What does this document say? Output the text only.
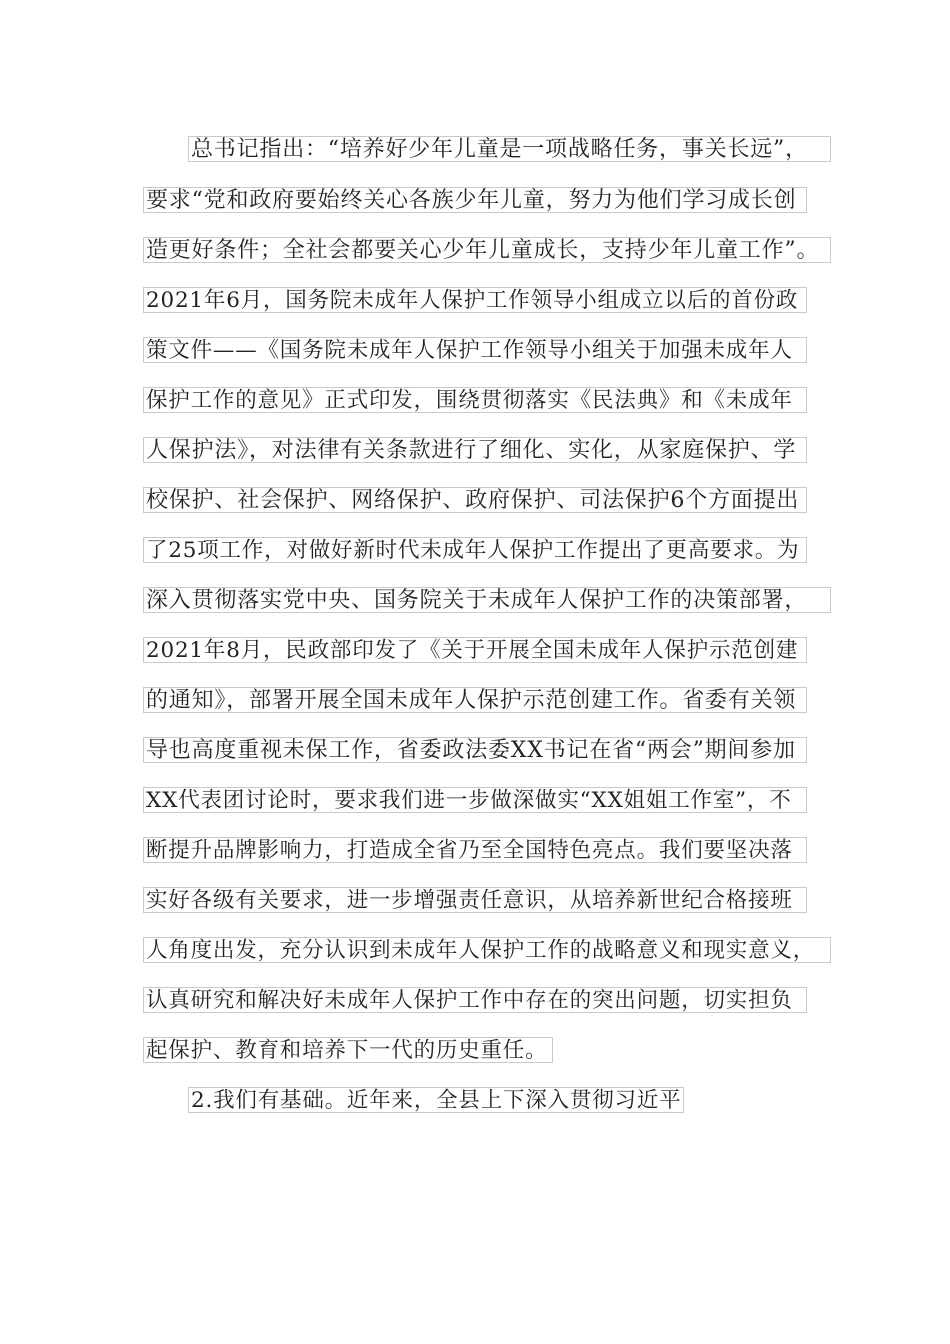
总书记指出：“培养好少年儿童是一项战略任务，事关长远”，
要求“党和政府要始终关心各族少年儿童，努力为他们学习成长创
造更好条件；全社会都要关心少年儿童成长，支持少年儿童工作”。
2021年6月，国务院未成年人保护工作领导小组成立以后的首份政
策文件——《国务院未成年人保护工作领导小组关于加强未成年人
保护工作的意见》正式印发，围绕贯彻落实《民法典》和《未成年
人保护法》，对法律有关条款进行了细化、实化，从家庭保护、学
校保护、社会保护、网络保护、政府保护、司法保护6个方面提出
了25项工作，对做好新时代未成年人保护工作提出了更高要求。为
深入贯彻落实党中央、国务院关于未成年人保护工作的决策部署，
2021年8月，民政部印发了《关于开展全国未成年人保护示范创建
的通知》，部署开展全国未成年人保护示范创建工作。省委有关领
导也高度重视未保工作，省委政法委XX书记在省“两会”期间参加
XX代表团讨论时，要求我们进一步做深做实“XX姐姐工作室”，不
断提升品牌影响力，打造成全省乃至全国特色亮点。我们要坚决落
实好各级有关要求，进一步增强责任意识，从培养新世纪合格接班
人角度出发，充分认识到未成年人保护工作的战略意义和现实意义，
认真研究和解决好未成年人保护工作中存在的突出问题，切实担负
起保护、教育和培养下一代的历史重任。
2.我们有基础。近年来，全县上下深入贯彻习近平
